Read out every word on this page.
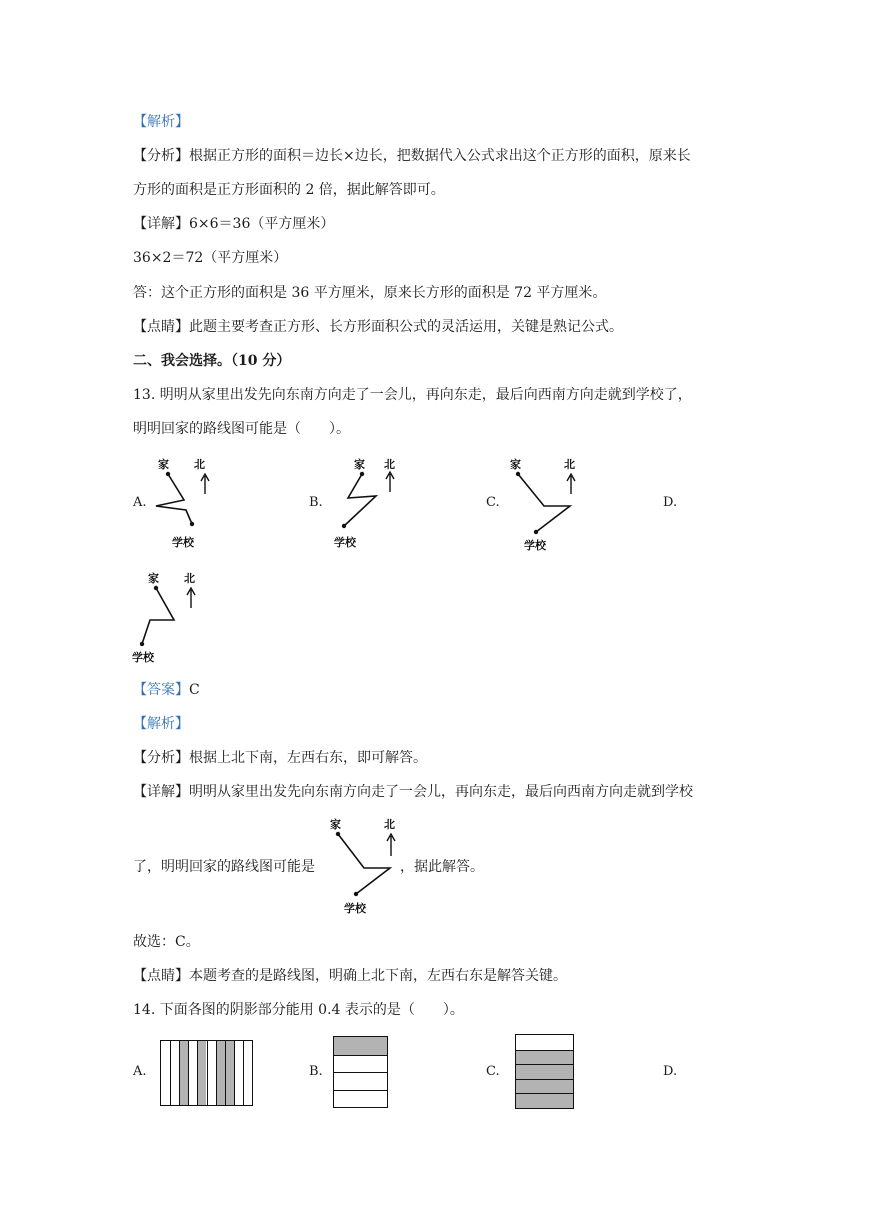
【解析】
【分析】根据正方形的面积＝边长×边长，把数据代入公式求出这个正方形的面积，原来长
方形的面积是正方形面积的 2 倍，据此解答即可。
【详解】6×6＝36（平方厘米）
36×2＝72（平方厘米）
答：这个正方形的面积是 36 平方厘米，原来长方形的面积是 72 平方厘米。
【点睛】此题主要考查正方形、长方形面积公式的灵活运用，关键是熟记公式。
二、我会选择。（10 分）
13. 明明从家里出发先向东南方向走了一会儿，再向东走，最后向西南方向走就到学校了，
明明回家的路线图可能是（　　）。
A.	B.	C.	D.
家 北
学校
家 北
学校
家	北
学校
家 北
学校
【答案】C
【解析】
【分析】根据上北下南，左西右东，即可解答。
【详解】明明从家里出发先向东南方向走了一会儿，再向东走，最后向西南方向走就到学校
了，明明回家的路线图可能是
家	北
学校
，据此解答。
故选：C。
【点睛】本题考查的是路线图，明确上北下南，左西右东是解答关键。
14. 下面各图的阴影部分能用 0.4 表示的是（　　）。
A.	B.	C.	D.
